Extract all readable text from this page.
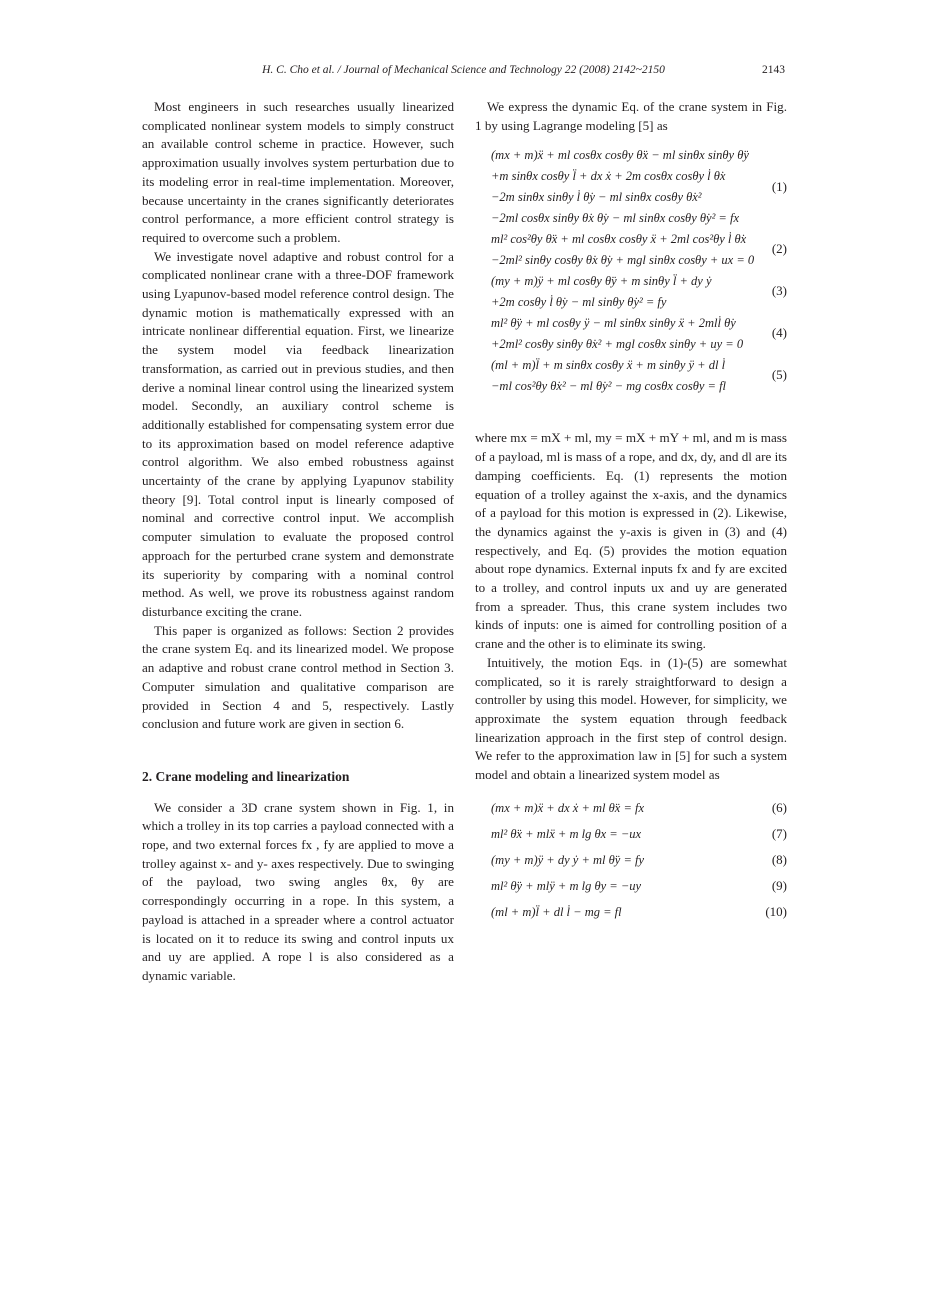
H. C. Cho et al. / Journal of Mechanical Science and Technology 22 (2008) 2142~2150	2143

Most engineers in such researches usually linearized complicated nonlinear system models to simply construct an available control scheme in practice. However, such approximation usually involves system perturbation due to its modeling error in real-time implementation. Moreover, because uncertainty in the cranes significantly deteriorates control performance, a more efficient control strategy is required to overcome such a problem.

We investigate novel adaptive and robust control for a complicated nonlinear crane with a three-DOF framework using Lyapunov-based model reference control design. The dynamic motion is mathematically expressed with an intricate nonlinear differential equation. First, we linearize the system model via feedback linearization transformation, as carried out in previous studies, and then derive a nominal linear control using the linearized system model. Secondly, an auxiliary control scheme is additionally established for compensating system error due to its approximation based on model reference adaptive control algorithm. We also embed robustness against uncertainty of the crane by applying Lyapunov stability theory [9]. Total control input is linearly composed of nominal and corrective control input. We accomplish computer simulation to evaluate the proposed control approach for the perturbed crane system and demonstrate its superiority by comparing with a nominal control method. As well, we prove its robustness against random disturbance exciting the crane.

This paper is organized as follows: Section 2 provides the crane system Eq. and its linearized model. We propose an adaptive and robust crane control method in Section 3. Computer simulation and qualitative comparison are provided in Section 4 and 5, respectively. Lastly conclusion and future work are given in section 6.

2. Crane modeling and linearization

We consider a 3D crane system shown in Fig. 1, in which a trolley in its top carries a payload connected with a rope, and two external forces fx , fy are applied to move a trolley against x- and y- axes respectively. Due to swinging of the payload, two swing angles θx, θy are correspondingly occurring in a rope. In this system, a payload is attached in a spreader where a control actuator is located on it to reduce its swing and control inputs ux and uy are applied. A rope l is also considered as a dynamic variable.

We express the dynamic Eq. of the crane system in Fig. 1 by using Lagrange modeling [5] as

(mx + m)ẍ + ml cosθx cosθy θ̈x − ml sinθx sinθy θ̈y
+m sinθx cosθy l̈ + dx ẋ + 2m cosθx cosθy l̇ θ̇x
−2m sinθx sinθy l̇ θ̇y − ml sinθx cosθy θ̇x²
−2ml cosθx sinθy θ̇x θ̇y − ml sinθx cosθy θ̇y² = fx
(1)
ml² cos²θy θ̈x + ml cosθx cosθy ẍ + 2ml cos²θy l̇ θ̇x
−2ml² sinθy cosθy θ̇x θ̇y + mgl sinθx cosθy + ux = 0
(2)
(my + m)ÿ + ml cosθy θ̈y + m sinθy l̈ + dy ẏ
+2m cosθy l̇ θ̇y − ml sinθy θ̇y² = fy
(3)
ml² θ̈y + ml cosθy ÿ − ml sinθx sinθy ẍ + 2mll̇ θ̇y
+2ml² cosθy sinθy θ̇x² + mgl cosθx sinθy + uy = 0
(4)
(ml + m)l̈ + m sinθx cosθy ẍ + m sinθy ÿ + dl l̇
−ml cos²θy θ̇x² − ml θ̇y² − mg cosθx cosθy = fl
(5)

where mx = mX + ml, my = mX + mY + ml, and m is mass of a payload, ml is mass of a rope, and dx, dy, and dl are its damping coefficients. Eq. (1) represents the motion equation of a trolley against the x-axis, and the dynamics of a payload for this motion is expressed in (2). Likewise, the dynamics against the y-axis is given in (3) and (4) respectively, and Eq. (5) provides the motion equation about rope dynamics. External inputs fx and fy are excited to a trolley, and control inputs ux and uy are generated from a spreader. Thus, this crane system includes two kinds of inputs: one is aimed for controlling position of a crane and the other is to eliminate its swing.

Intuitively, the motion Eqs. in (1)-(5) are somewhat complicated, so it is rarely straightforward to design a controller by using this model. However, for simplicity, we approximate the system equation through feedback linearization approach in the first step of control design. We refer to the approximation law in [5] for such a system model and obtain a linearized system model as

(mx + m)ẍ + dx ẋ + ml θ̈x = fx	(6)
ml² θ̈x + mlẍ + m lg θx = −ux	(7)
(my + m)ÿ + dy ẏ + ml θ̈y = fy	(8)
ml² θ̈y + mlÿ + m lg θy = −uy	(9)
(ml + m)l̈ + dl l̇ − mg = fl	(10)
